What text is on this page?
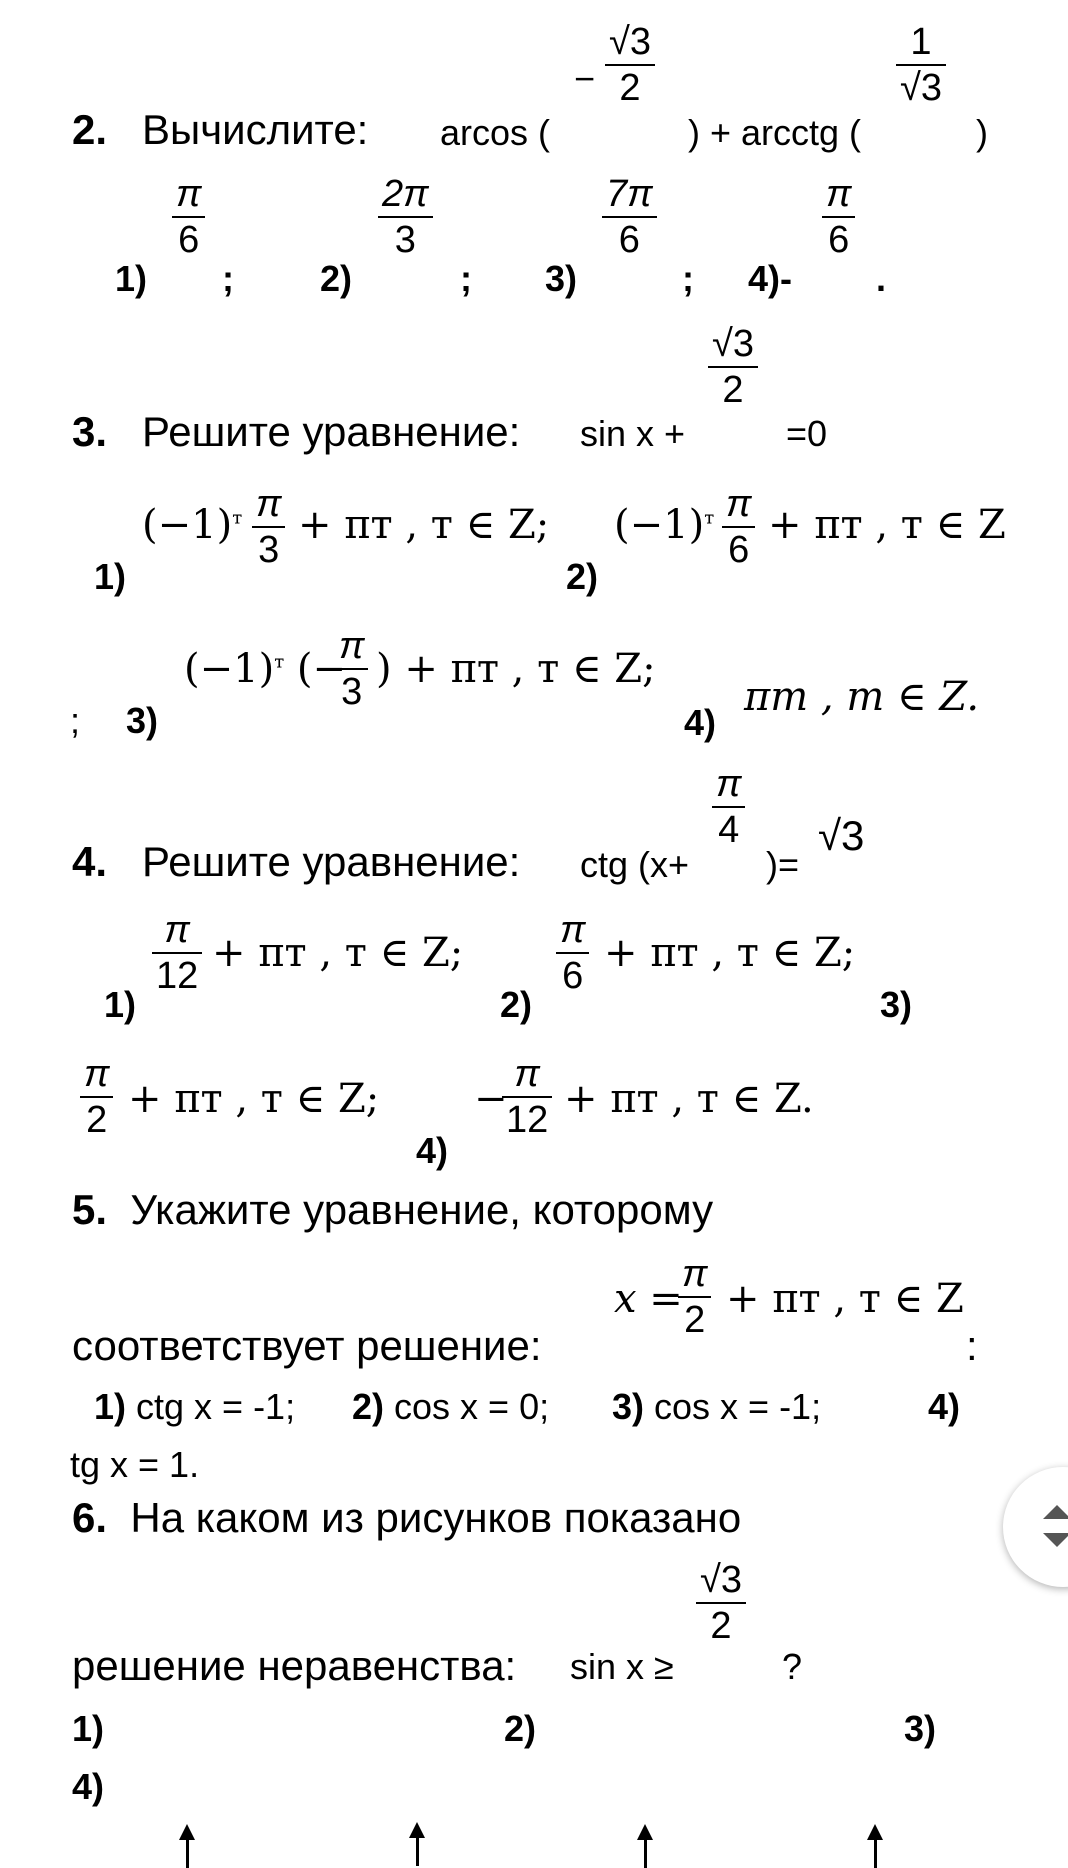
2. Вычислите: arcos (
−
√3
2
) + arcctg (
1
√3
)
1)
π
6
; 2)
2π
3
; 3)
7π
6
; 4)-
π
6
.
3. Решите уравнение: sin x +
√3
2
=0
1)
$(-1)^т$ π
3
+ πт , т ∈ Z;
2)
$(-1)^т$ π
6
+ πт , т ∈ Z
; 3)
$(-1)^т$ (−
π
3 ) + πт , т ∈ Z;
4)
πт , т ∈ Z.
4. Решите уравнение: ctg (x+
π
4
)=
√3
1)
π
12 + πт , т ∈ Z;
2)
π
6 + πт , т ∈ Z;
3)
π
2 + πт , т ∈ Z;
4)
−
π
12 + πт , т ∈ Z.
5. Укажите уравнение, которому
x =
π
2 + πт , т ∈ Z
соответствует решение:	:
1) ctg x = -1; 2) cos x = 0; 3) cos x = -1;	4)
tg x = 1.
6. На каком из рисунков показано
√3
2
решение неравенства: sin x ≥	?
1)	2)	3)
4)
